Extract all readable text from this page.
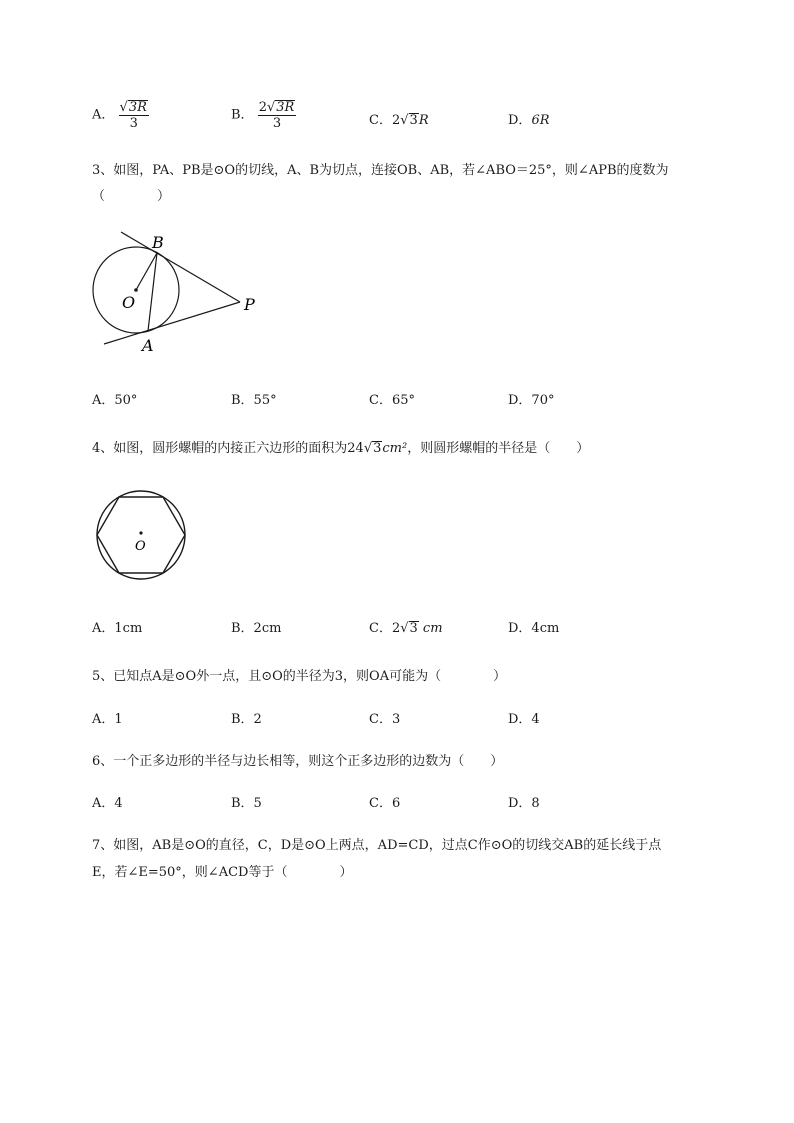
A． $\frac{√3R}{3}$	B． $\frac{2√3R}{3}$	C．2√3R	D．6R
3、如图，PA、PB是⊙O的切线，A、B为切点，连接OB、AB，若∠ABO＝25°，则∠APB的度数为
（　　　　）
B
O	P
A
A．50°	B．55°	C．65°	D．70°
4、如图，圆形螺帽的内接正六边形的面积为24√3cm²，则圆形螺帽的半径是（　　）
O
A．1cm	B．2cm	C．2√3 cm	D．4cm
5、已知点A是⊙O外一点，且⊙O的半径为3，则OA可能为（　　　　）
A．1	B．2	C．3	D．4
6、一个正多边形的半径与边长相等，则这个正多边形的边数为（　　）
A．4	B．5	C．6	D．8
7、如图，AB是⊙O的直径，C，D是⊙O上两点，AD=CD，过点C作⊙O的切线交AB的延长线于点
E，若∠E=50°，则∠ACD等于（　　　　）
